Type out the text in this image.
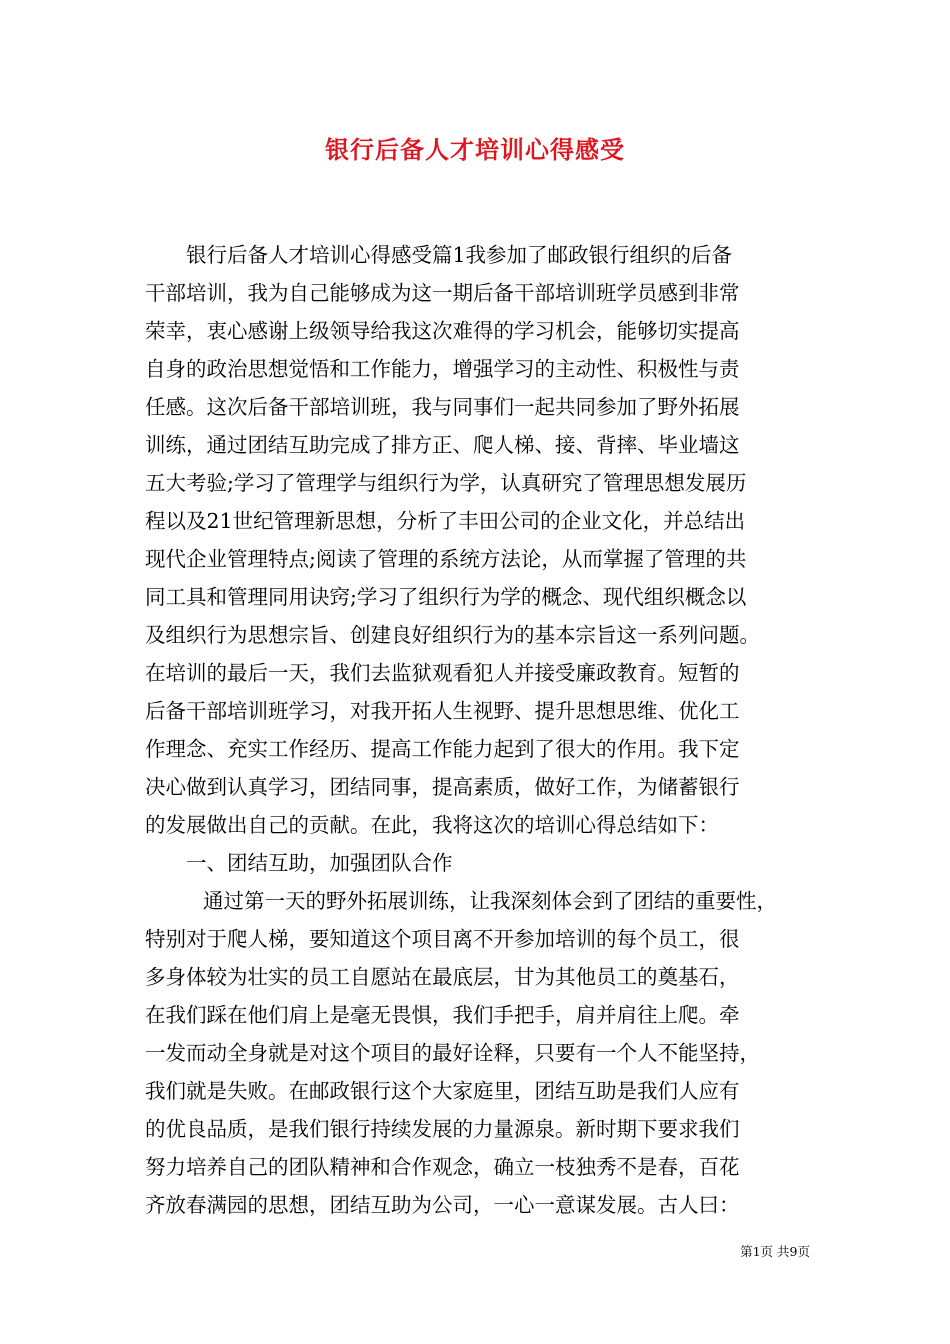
银行后备人才培训心得感受
银行后备人才培训心得感受篇1我参加了邮政银行组织的后备
干部培训，我为自己能够成为这一期后备干部培训班学员感到非常
荣幸，衷心感谢上级领导给我这次难得的学习机会，能够切实提高
自身的政治思想觉悟和工作能力，增强学习的主动性、积极性与责
任感。这次后备干部培训班，我与同事们一起共同参加了野外拓展
训练，通过团结互助完成了排方正、爬人梯、接、背摔、毕业墙这
五大考验;学习了管理学与组织行为学，认真研究了管理思想发展历
程以及21世纪管理新思想，分析了丰田公司的企业文化，并总结出
现代企业管理特点;阅读了管理的系统方法论，从而掌握了管理的共
同工具和管理同用诀窍;学习了组织行为学的概念、现代组织概念以
及组织行为思想宗旨、创建良好组织行为的基本宗旨这一系列问题。
在培训的最后一天，我们去监狱观看犯人并接受廉政教育。短暂的
后备干部培训班学习，对我开拓人生视野、提升思想思维、优化工
作理念、充实工作经历、提高工作能力起到了很大的作用。我下定
决心做到认真学习，团结同事，提高素质，做好工作，为储蓄银行
的发展做出自己的贡献。在此，我将这次的培训心得总结如下：
一、团结互助，加强团队合作
通过第一天的野外拓展训练，让我深刻体会到了团结的重要性，
特别对于爬人梯，要知道这个项目离不开参加培训的每个员工，很
多身体较为壮实的员工自愿站在最底层，甘为其他员工的奠基石，
在我们踩在他们肩上是毫无畏惧，我们手把手，肩并肩往上爬。牵
一发而动全身就是对这个项目的最好诠释，只要有一个人不能坚持，
我们就是失败。在邮政银行这个大家庭里，团结互助是我们人应有
的优良品质，是我们银行持续发展的力量源泉。新时期下要求我们
努力培养自己的团队精神和合作观念，确立一枝独秀不是春，百花
齐放春满园的思想，团结互助为公司，一心一意谋发展。古人曰：
第1页 共9页
